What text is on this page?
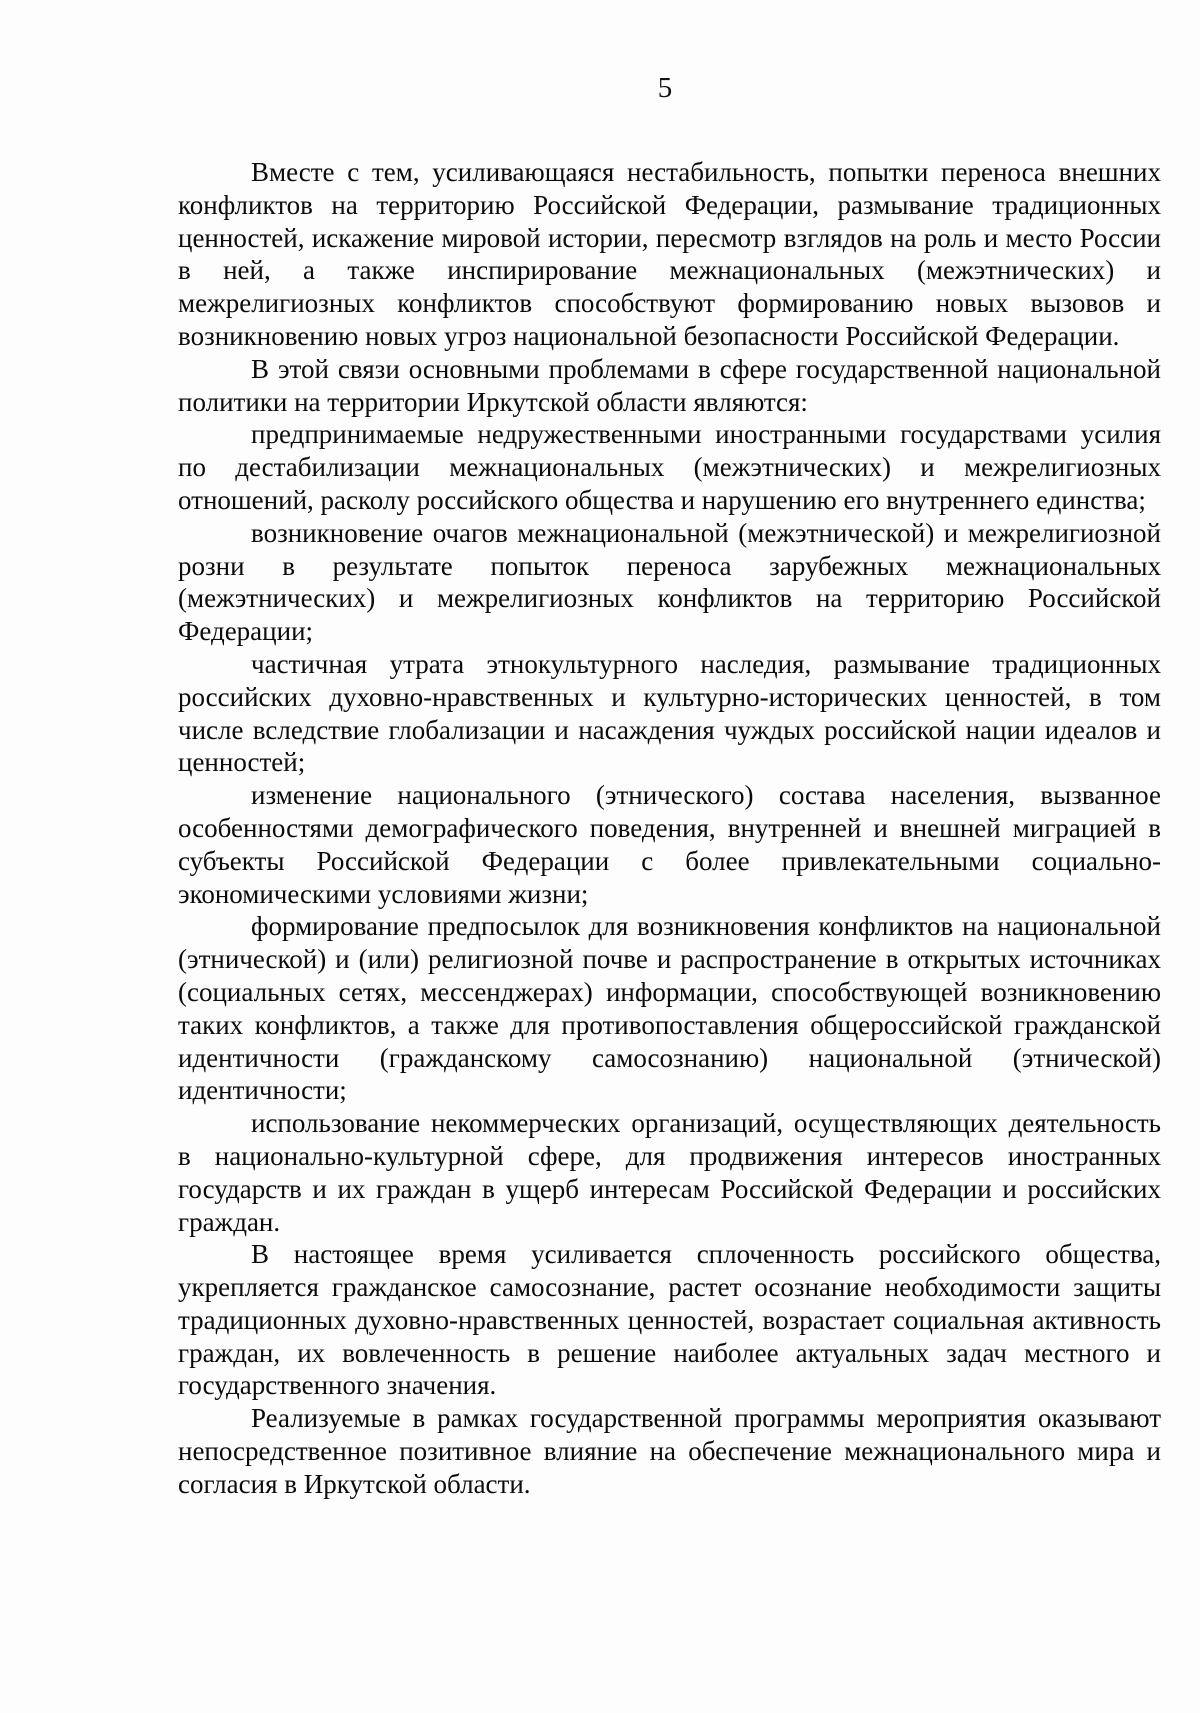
5

Вместе с тем, усиливающаяся нестабильность, попытки переноса внешних конфликтов на территорию Российской Федерации, размывание традиционных ценностей, искажение мировой истории, пересмотр взглядов на роль и место России в ней, а также инспирирование межнациональных (межэтнических) и межрелигиозных конфликтов способствуют формированию новых вызовов и возникновению новых угроз национальной безопасности Российской Федерации.

В этой связи основными проблемами в сфере государственной национальной политики на территории Иркутской области являются:

предпринимаемые недружественными иностранными государствами усилия по дестабилизации межнациональных (межэтнических) и межрелигиозных отношений, расколу российского общества и нарушению его внутреннего единства;

возникновение очагов межнациональной (межэтнической) и межрелигиозной розни в результате попыток переноса зарубежных межнациональных (межэтнических) и межрелигиозных конфликтов на территорию Российской Федерации;

частичная утрата этнокультурного наследия, размывание традиционных российских духовно-нравственных и культурно-исторических ценностей, в том числе вследствие глобализации и насаждения чуждых российской нации идеалов и ценностей;

изменение национального (этнического) состава населения, вызванное особенностями демографического поведения, внутренней и внешней миграцией в субъекты Российской Федерации с более привлекательными социально-экономическими условиями жизни;

формирование предпосылок для возникновения конфликтов на национальной (этнической) и (или) религиозной почве и распространение в открытых источниках (социальных сетях, мессенджерах) информации, способствующей возникновению таких конфликтов, а также для противопоставления общероссийской гражданской идентичности (гражданскому самосознанию) национальной (этнической) идентичности;

использование некоммерческих организаций, осуществляющих деятельность в национально-культурной сфере, для продвижения интересов иностранных государств и их граждан в ущерб интересам Российской Федерации и российских граждан.

В настоящее время усиливается сплоченность российского общества, укрепляется гражданское самосознание, растет осознание необходимости защиты традиционных духовно-нравственных ценностей, возрастает социальная активность граждан, их вовлеченность в решение наиболее актуальных задач местного и государственного значения.

Реализуемые в рамках государственной программы мероприятия оказывают непосредственное позитивное влияние на обеспечение межнационального мира и согласия в Иркутской области.
